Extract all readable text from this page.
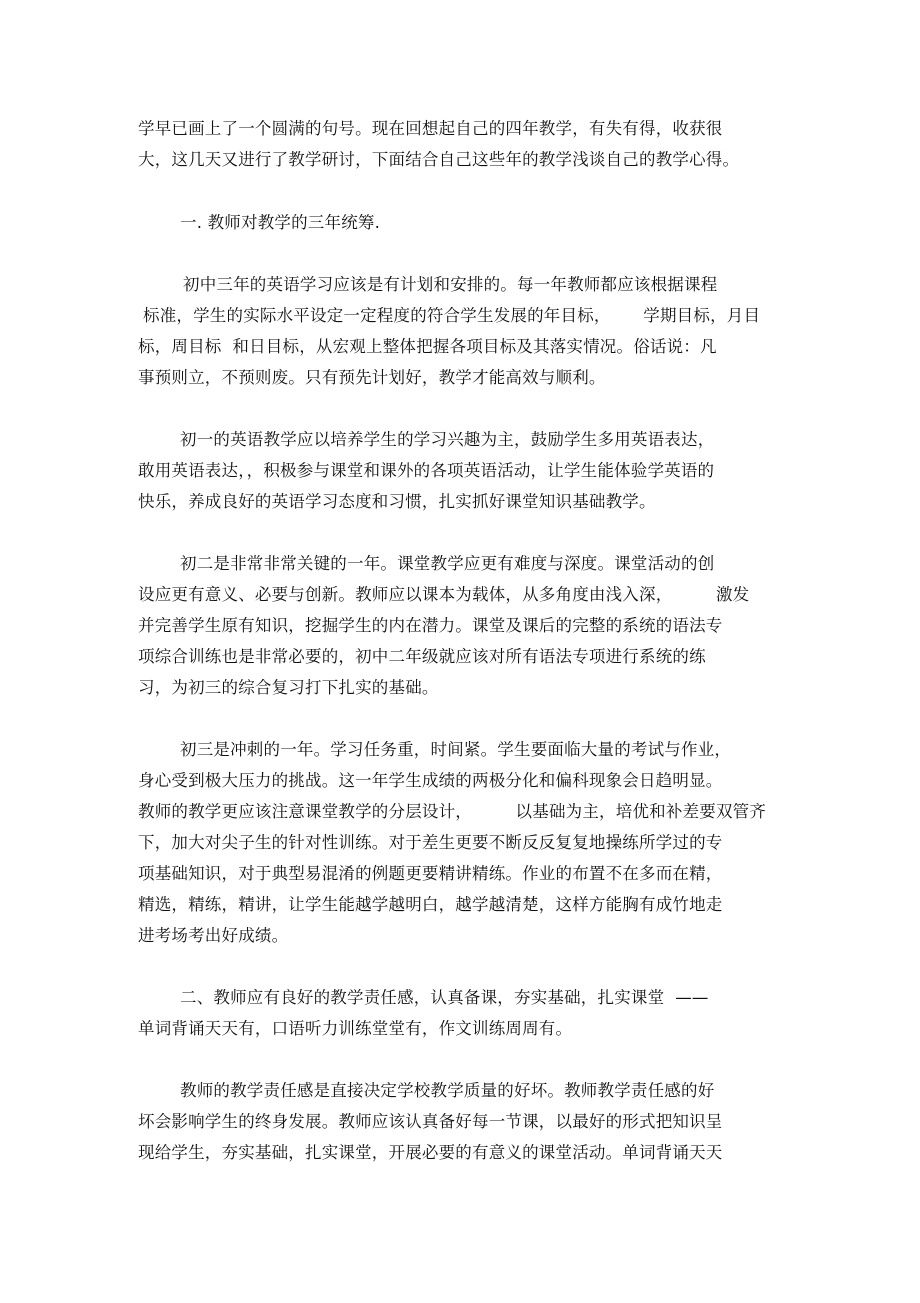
学早已画上了一个圆满的句号。现在回想起自己的四年教学，有失有得，收获很
大，这几天又进行了教学研讨，下面结合自己这些年的教学浅谈自己的教学心得。
一. 教师对教学的三年统筹.
初中三年的英语学习应该是有计划和安排的。每一年教师都应该根据课程
标准，学生的实际水平设定一定程度的符合学生发展的年目标，      学期目标，月目
标，周目标  和日目标，从宏观上整体把握各项目标及其落实情况。俗话说：凡
事预则立，不预则废。只有预先计划好，教学才能高效与顺利。
初一的英语教学应以培养学生的学习兴趣为主，鼓励学生多用英语表达，
敢用英语表达，，积极参与课堂和课外的各项英语活动，让学生能体验学英语的
快乐，养成良好的英语学习态度和习惯，扎实抓好课堂知识基础教学。
初二是非常非常关键的一年。课堂教学应更有难度与深度。课堂活动的创
设应更有意义、必要与创新。教师应以课本为载体，从多角度由浅入深，        激发
并完善学生原有知识，挖掘学生的内在潜力。课堂及课后的完整的系统的语法专
项综合训练也是非常必要的，初中二年级就应该对所有语法专项进行系统的练
习，为初三的综合复习打下扎实的基础。
初三是冲刺的一年。学习任务重，时间紧。学生要面临大量的考试与作业，
身心受到极大压力的挑战。这一年学生成绩的两极分化和偏科现象会日趋明显。
教师的教学更应该注意课堂教学的分层设计，        以基础为主，培优和补差要双管齐
下，加大对尖子生的针对性训练。对于差生更要不断反反复复地操练所学过的专
项基础知识，对于典型易混淆的例题更要精讲精练。作业的布置不在多而在精，
精选，精练，精讲，让学生能越学越明白，越学越清楚，这样方能胸有成竹地走
进考场考出好成绩。
二、教师应有良好的教学责任感，认真备课，夯实基础，扎实课堂  ——
单词背诵天天有，口语听力训练堂堂有，作文训练周周有。
教师的教学责任感是直接决定学校教学质量的好坏。教师教学责任感的好
坏会影响学生的终身发展。教师应该认真备好每一节课，以最好的形式把知识呈
现给学生，夯实基础，扎实课堂，开展必要的有意义的课堂活动。单词背诵天天
